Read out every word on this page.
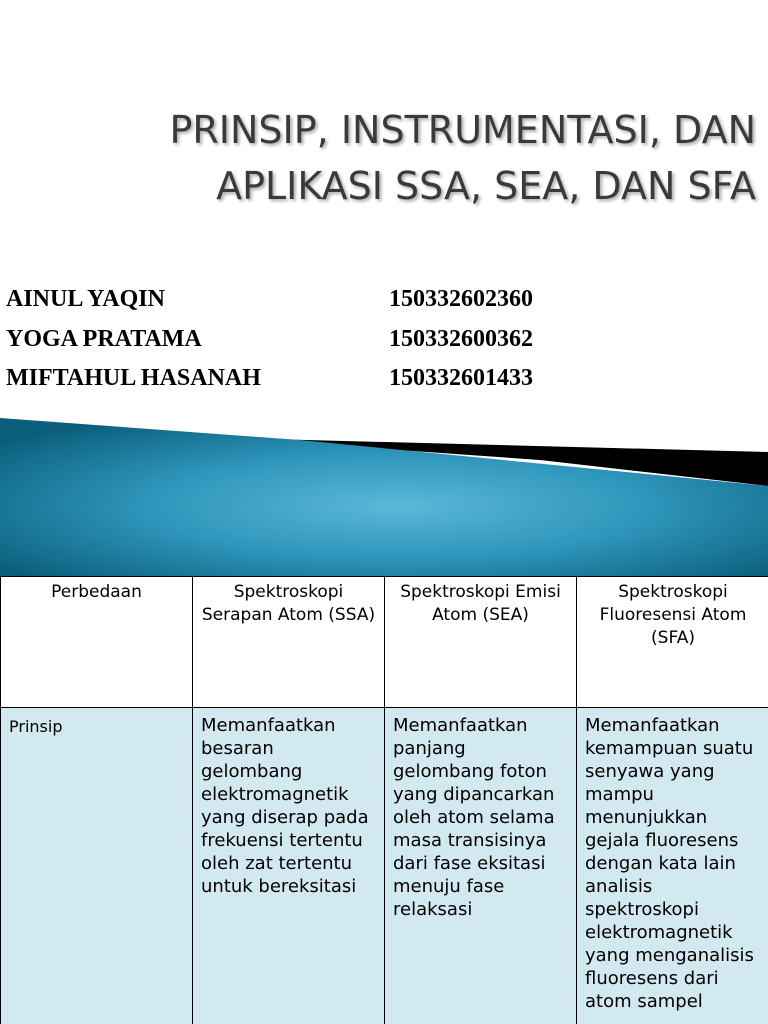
PRINSIP, INSTRUMENTASI, DAN
APLIKASI SSA, SEA, DAN SFA
AINUL YAQIN	150332602360
YOGA PRATAMA	150332600362
MIFTAHUL HASANAH	150332601433
Perbedaan	Spektroskopi Serapan Atom (SSA)	Spektroskopi Emisi Atom (SEA)	Spektroskopi Fluoresensi Atom (SFA)
Prinsip	Memanfaatkan besaran gelombang elektromagnetik yang diserap pada frekuensi tertentu oleh zat tertentu untuk bereksitasi	Memanfaatkan panjang gelombang foton yang dipancarkan oleh atom selama masa transisinya dari fase eksitasi menuju fase relaksasi	Memanfaatkan kemampuan suatu senyawa yang mampu menunjukkan gejala fluoresens dengan kata lain analisis spektroskopi elektromagnetik yang menganalisis fluoresens dari atom sampel
